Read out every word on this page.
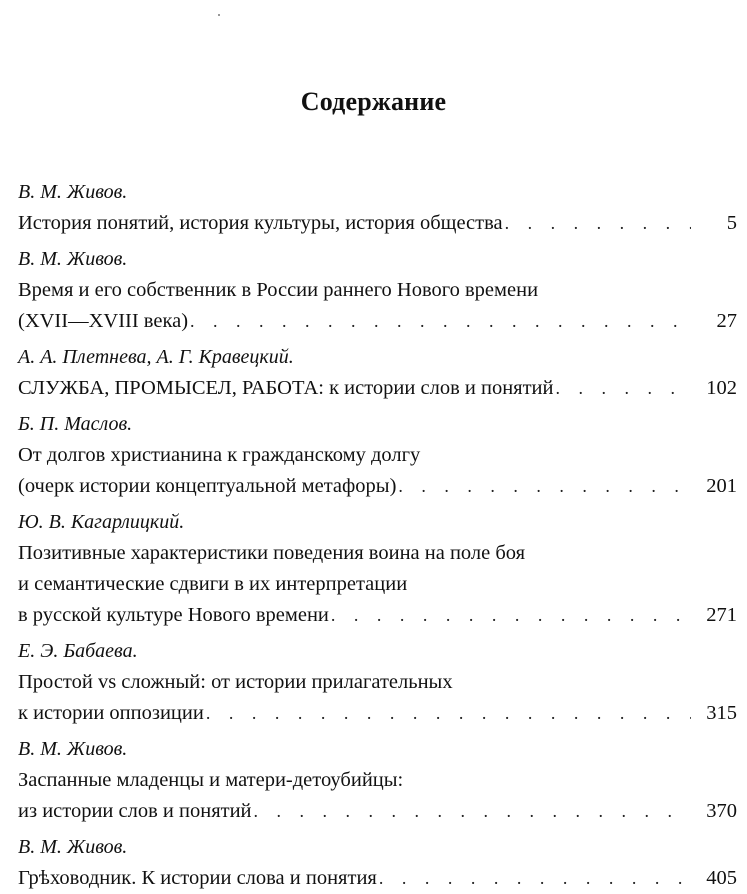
Содержание
В. М. Живов.
История понятий, история культуры, история общества . . .	5
В. М. Живов.
Время и его собственник в России раннего Нового времени
(XVII—XVIII века) . . .	27
А. А. Плетнева, А. Г. Кравецкий.
СЛУЖБА, ПРОМЫСЕЛ, РАБОТА: к истории слов и понятий . . .	102
Б. П. Маслов.
От долгов христианина к гражданскому долгу
(очерк истории концептуальной метафоры) . . .	201
Ю. В. Кагарлицкий.
Позитивные характеристики поведения воина на поле боя
и семантические сдвиги в их интерпретации
в русской культуре Нового времени . . .	271
Е. Э. Бабаева.
Простой vs сложный: от истории прилагательных
к истории оппозиции . . .	315
В. М. Живов.
Заспанные младенцы и матери-детоубийцы:
из истории слов и понятий . . .	370
В. М. Живов.
Грѣховодник. К истории слова и понятия . . .	405
